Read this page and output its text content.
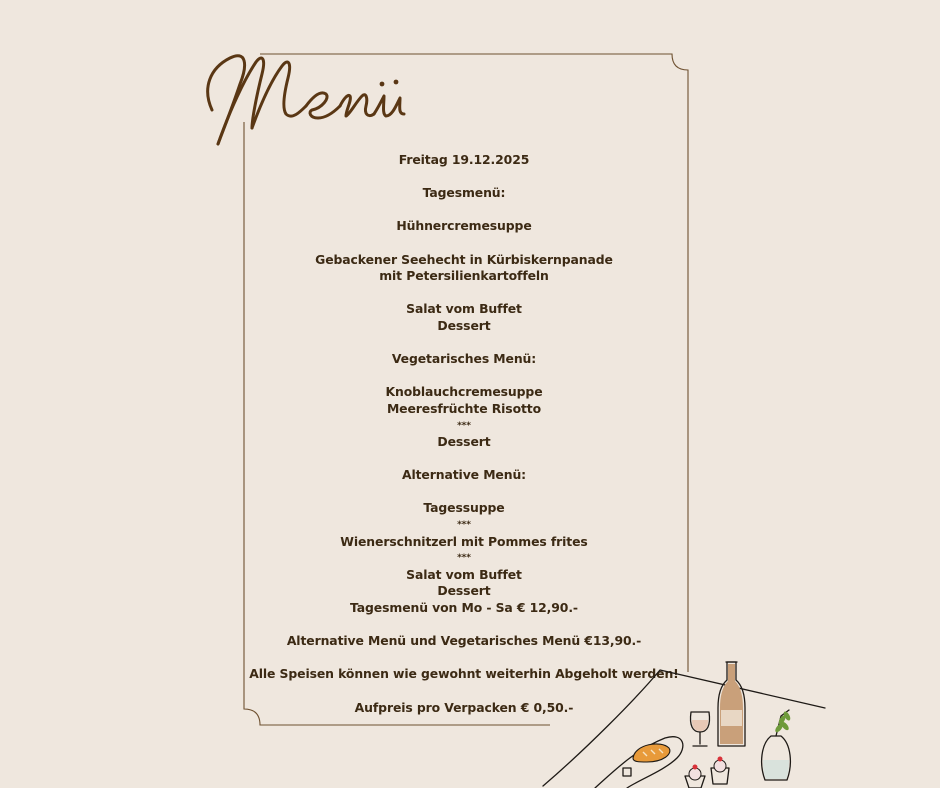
Freitag 19.12.2025
Tagesmenü:
Hühnercremesuppe
Gebackener Seehecht in Kürbiskernpanade
mit Petersilienkartoffeln
Salat vom Buffet
Dessert
Vegetarisches Menü:
Knoblauchcremesuppe
Meeresfrüchte Risotto
***
Dessert
Alternative Menü:
Tagessuppe
***
Wienerschnitzerl mit Pommes frites
***
Salat vom Buffet
Dessert
Tagesmenü von Mo - Sa € 12,90.-
Alternative Menü und Vegetarisches Menü €13,90.-
Alle Speisen können wie gewohnt weiterhin Abgeholt werden!
Aufpreis pro Verpacken € 0,50.-
